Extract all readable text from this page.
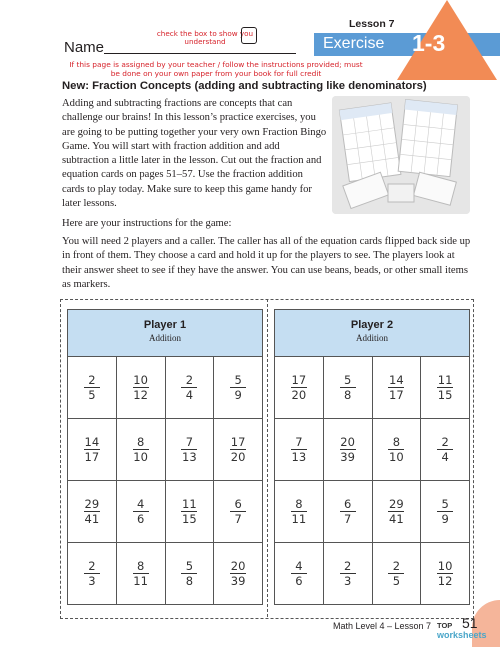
check the box to show you understand
Name
If this page is assigned by your teacher / follow the instructions provided; must be done on your own paper from your book for full credit
Lesson 7
Exercise 1-3
New: Fraction Concepts (adding and subtracting like denominators)
Adding and subtracting fractions are concepts that can challenge our brains! In this lesson’s practice exercises, you are going to be putting together your very own Fraction Bingo Game. You will start with fraction addition and add subtraction a little later in the lesson. Cut out the fraction and equation cards on pages 51–57. Use the fraction addition cards to play today. Make sure to keep this game handy for later lessons.
Here are your instructions for the game:
You will need 2 players and a caller. The caller has all of the equation cards flipped back side up in front of them. They choose a card and hold it up for the players to see. The players look at their answer sheet to see if they have the answer. You can use beans, beads, or other small items as markers.
Player 1
Addition
$\frac{2}{5}$	$\frac{10}{12}$	$\frac{2}{4}$	$\frac{5}{9}$
$\frac{14}{17}$	$\frac{8}{10}$	$\frac{7}{13}$	$\frac{17}{20}$
$\frac{29}{41}$	$\frac{4}{6}$	$\frac{11}{15}$	$\frac{6}{7}$
$\frac{2}{3}$	$\frac{8}{11}$	$\frac{5}{8}$	$\frac{20}{39}$
Player 2
Addition
$\frac{17}{20}$	$\frac{5}{8}$	$\frac{14}{17}$	$\frac{11}{15}$
$\frac{7}{13}$	$\frac{20}{39}$	$\frac{8}{10}$	$\frac{2}{4}$
$\frac{8}{11}$	$\frac{6}{7}$	$\frac{29}{41}$	$\frac{5}{9}$
$\frac{4}{6}$	$\frac{2}{3}$	$\frac{2}{5}$	$\frac{10}{12}$
Math Level 4 – Lesson 7 TOP
worksheets
51
